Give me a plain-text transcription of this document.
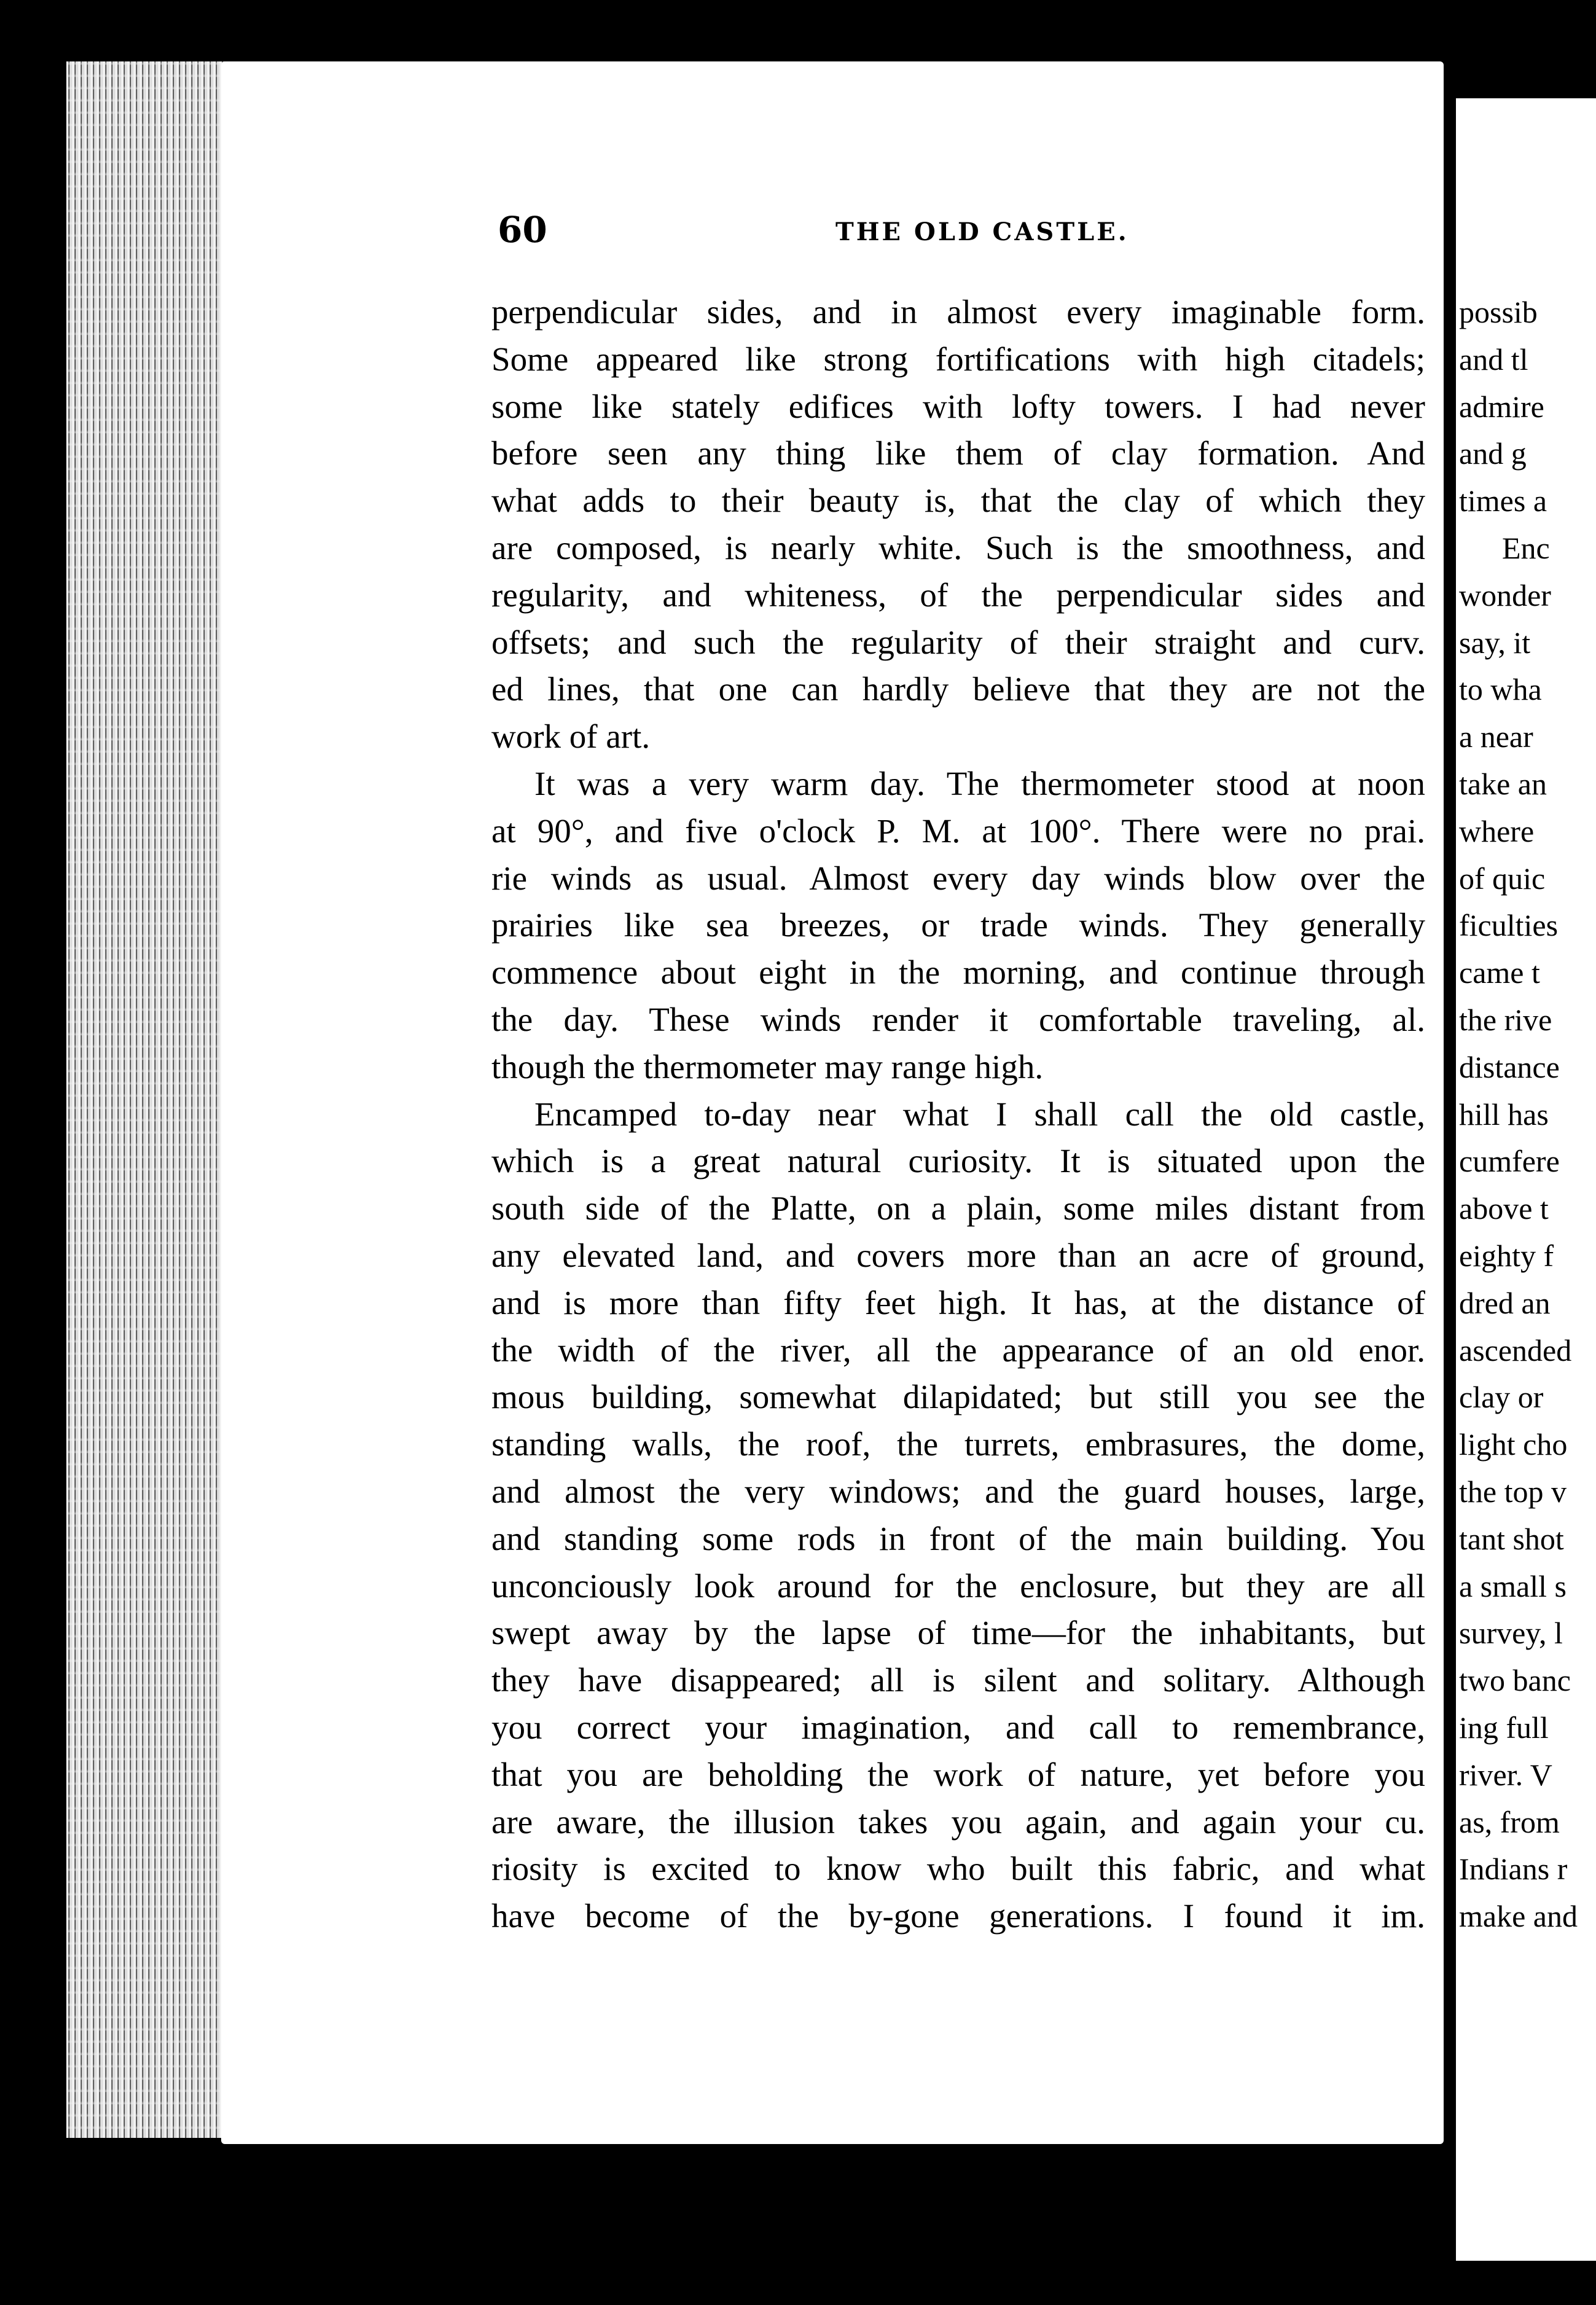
60	THE OLD CASTLE.
perpendicular sides, and in almost every imaginable form.
Some appeared like strong fortifications with high citadels;
some like stately edifices with lofty towers. I had never
before seen any thing like them of clay formation. And
what adds to their beauty is, that the clay of which they
are composed, is nearly white. Such is the smoothness, and
regularity, and whiteness, of the perpendicular sides and
offsets; and such the regularity of their straight and curv.
ed lines, that one can hardly believe that they are not the
work of art.
It was a very warm day. The thermometer stood at noon
at 90°, and five o'clock P. M. at 100°. There were no prai.
rie winds as usual. Almost every day winds blow over the
prairies like sea breezes, or trade winds. They generally
commence about eight in the morning, and continue through
the day. These winds render it comfortable traveling, al.
though the thermometer may range high.
Encamped to-day near what I shall call the old castle,
which is a great natural curiosity. It is situated upon the
south side of the Platte, on a plain, some miles distant from
any elevated land, and covers more than an acre of ground,
and is more than fifty feet high. It has, at the distance of
the width of the river, all the appearance of an old enor.
mous building, somewhat dilapidated; but still you see the
standing walls, the roof, the turrets, embrasures, the dome,
and almost the very windows; and the guard houses, large,
and standing some rods in front of the main building. You
unconciously look around for the enclosure, but they are all
swept away by the lapse of time—for the inhabitants, but
they have disappeared; all is silent and solitary. Although
you correct your imagination, and call to remembrance,
that you are beholding the work of nature, yet before you
are aware, the illusion takes you again, and again your cu.
riosity is excited to know who built this fabric, and what
have become of the by-gone generations. I found it im.
possib
and tl
admire
and g
times a
Enc
wonder
say, it
to wha
a near
take an
where
of quic
ficulties
came t
the rive
distance
hill has
cumfere
above t
eighty f
dred an
ascended
clay or
light cho
the top v
tant shot
a small s
survey, l
two banc
ing full
river. V
as, from
Indians r
make and
